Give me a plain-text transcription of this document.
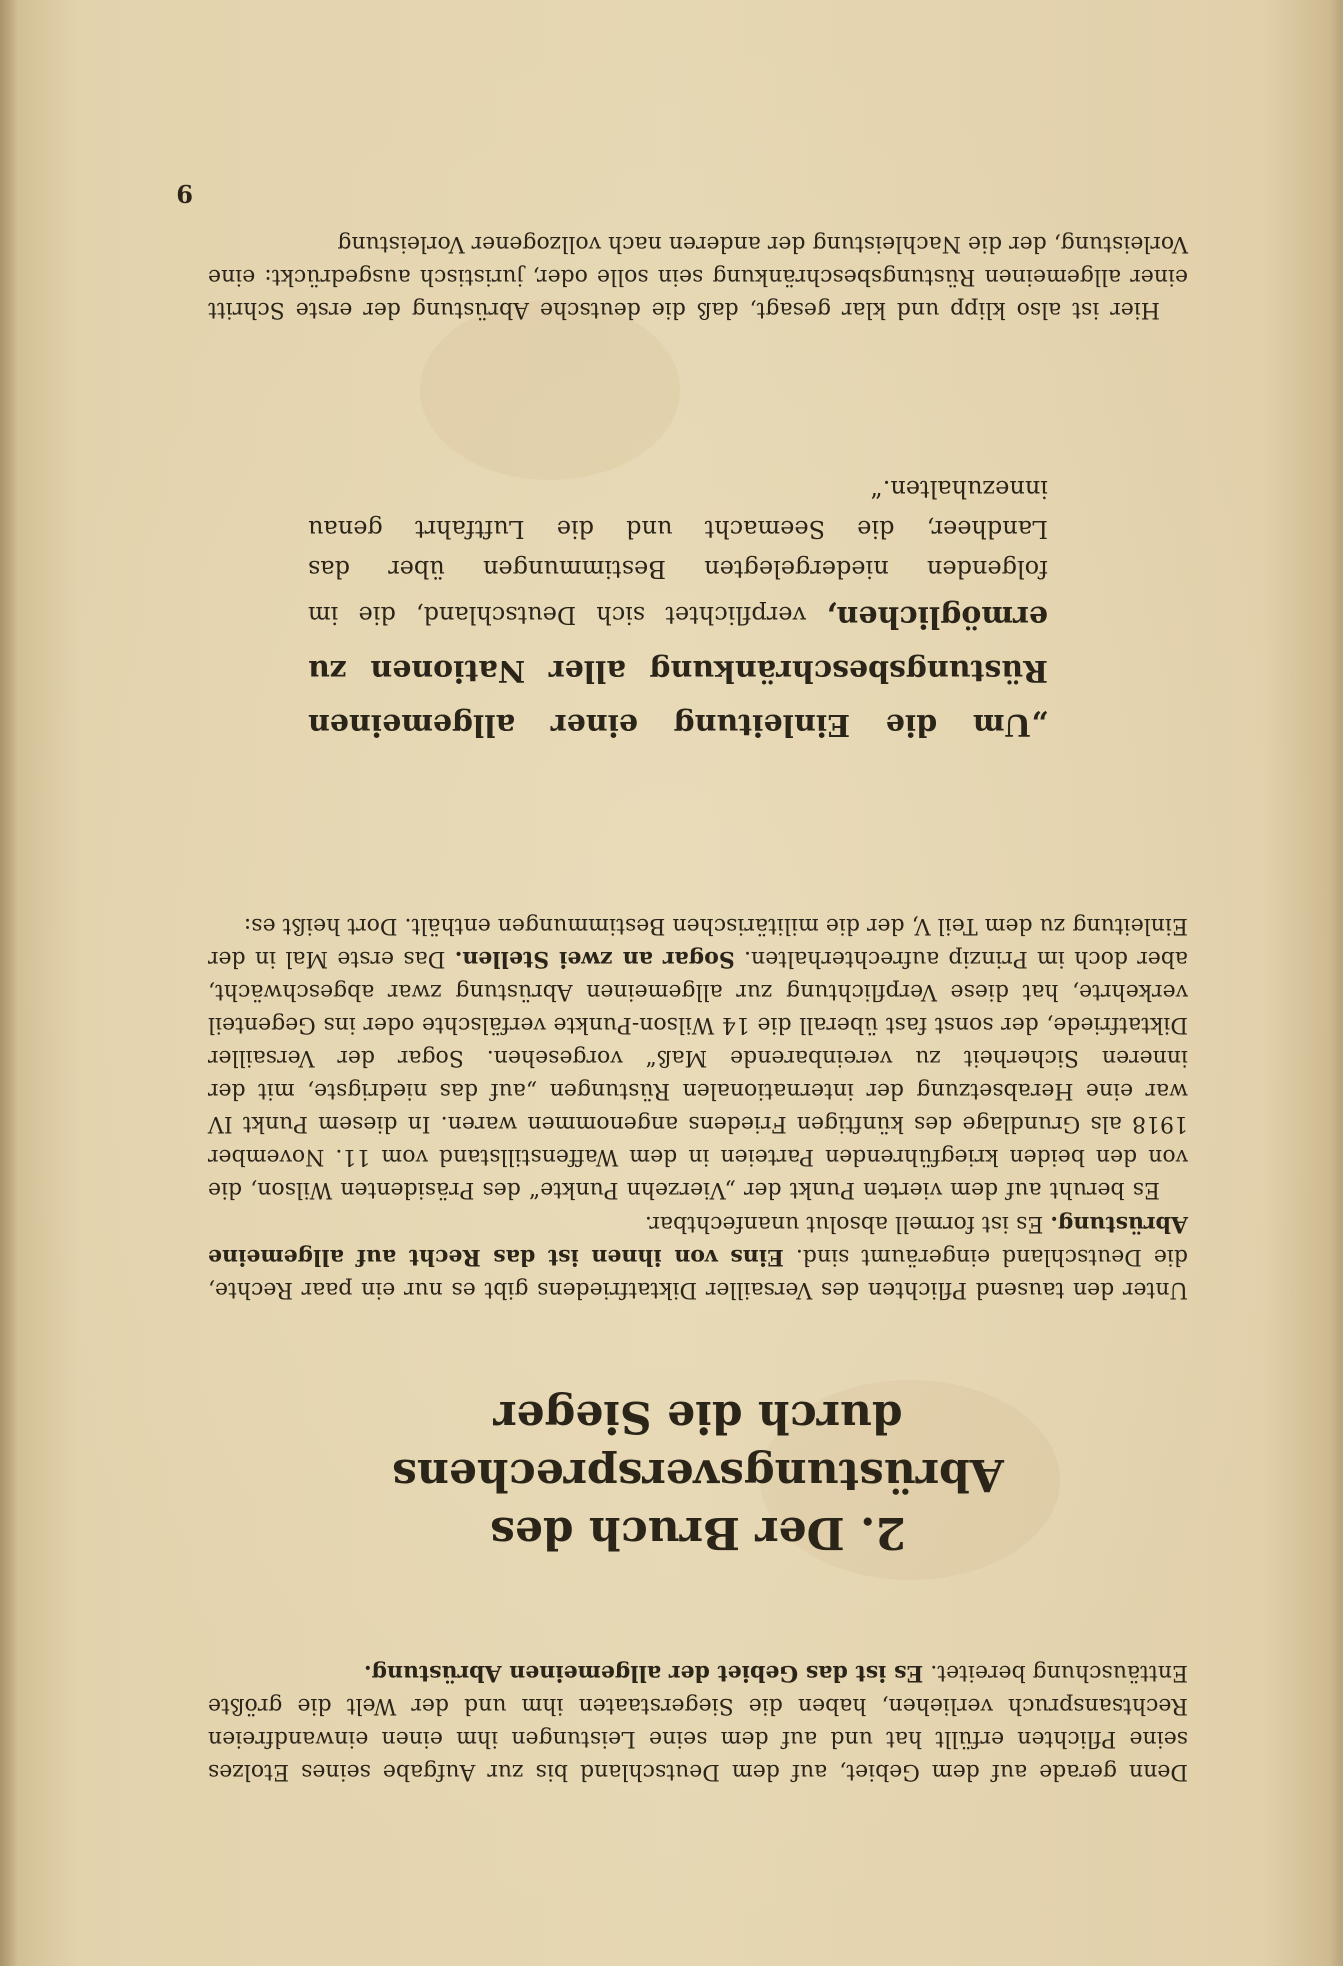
Denn gerade auf dem Gebiet, auf dem Deutschland bis zur Aufgabe seines Etolzes seine Pflichten erfüllt hat und auf dem seine Leistungen ihm einen einwandfreien Rechtsanspruch verliehen, haben die Siegerstaaten ihm und der Welt die größte Enttäuschung bereitet. Es ist das Gebiet der allgemeinen Abrüstung.

2. Der Bruch des Abrüstungsversprechens

durch die Sieger

Unter den tausend Pflichten des Versailler Diktatfriedens gibt es nur ein paar Rechte, die Deutschland eingeräumt sind. Eins von ihnen ist das Recht auf allgemeine Abrüstung. Es ist formell absolut unanfechtbar.

Es beruht auf dem vierten Punkt der „Vierzehn Punkte“ des Präsidenten Wilson, die von den beiden kriegführenden Parteien in dem Waffenstillstand vom 11. November 1918 als Grundlage des künftigen Friedens angenommen waren. In diesem Punkt IV war eine Herabsetzung der internationalen Rüstungen „auf das niedrigste, mit der inneren Sicherheit zu vereinbarende Maß“ vorgesehen. Sogar der Versailler Diktatfriede, der sonst fast überall die 14 Wilson-Punkte verfälschte oder ins Gegenteil verkehrte, hat diese Verpflichtung zur allgemeinen Abrüstung zwar abgeschwächt, aber doch im Prinzip aufrechterhalten. Sogar an zwei Stellen. Das erste Mal in der Einleitung zu dem Teil V, der die militärischen Bestimmungen enthält. Dort heißt es:

„Um die Einleitung einer allgemeinen Rüstungsbeschränkung aller Nationen zu ermöglichen, verpflichtet sich Deutschland, die im folgenden niedergelegten Bestimmungen über das Landheer, die Seemacht und die Luftfahrt genau innezuhalten.“

Hier ist also klipp und klar gesagt, daß die deutsche Abrüstung der erste Schritt einer allgemeinen Rüstungsbeschränkung sein solle oder, juristisch ausgedrückt: eine Vorleistung, der die Nachleistung der anderen nach vollzogener Vorleistung

9
